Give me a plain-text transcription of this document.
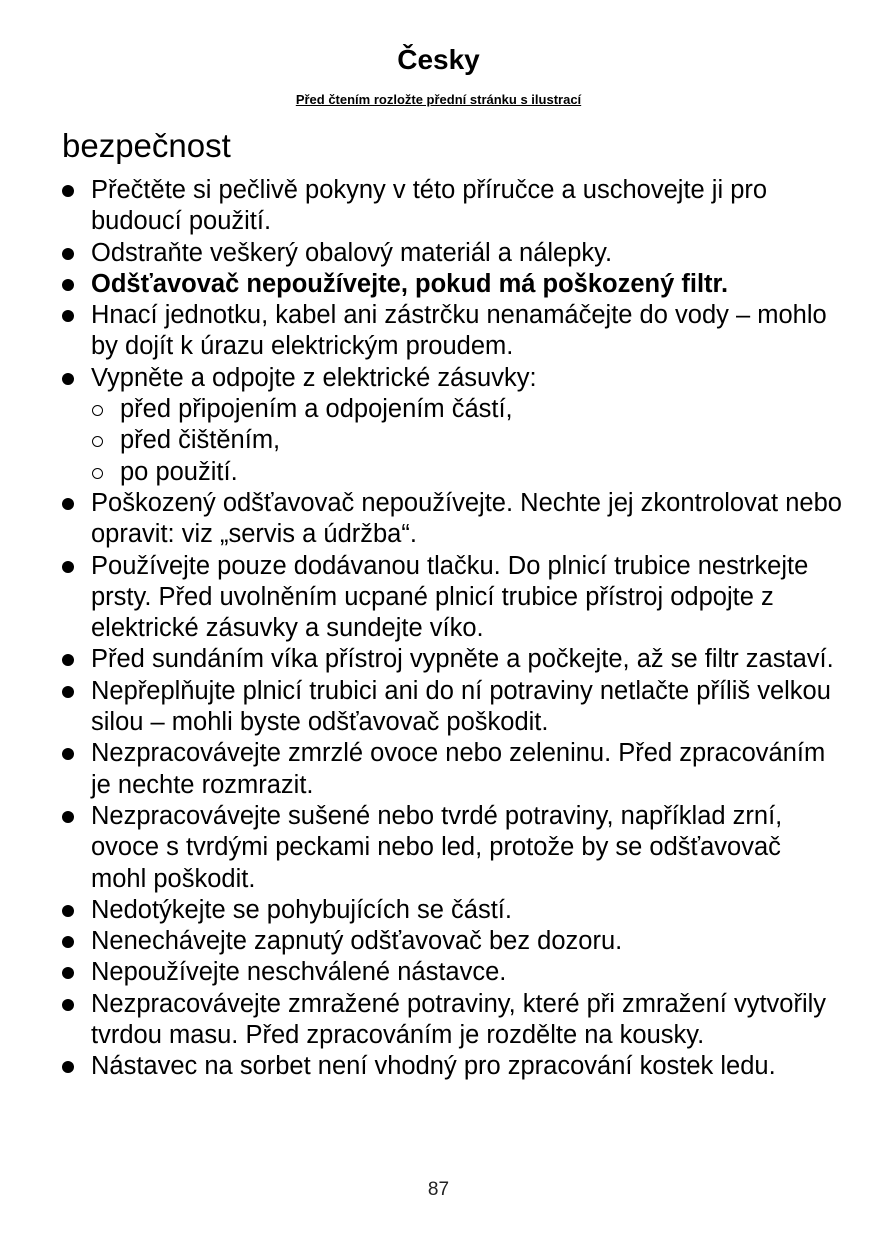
Česky
Před čtením rozložte přední stránku s ilustrací
bezpečnost
Přečtěte si pečlivě pokyny v této příručce a uschovejte ji pro budoucí použití.
Odstraňte veškerý obalový materiál a nálepky.
Odšťavovač nepoužívejte, pokud má poškozený filtr.
Hnací jednotku, kabel ani zástrčku nenamáčejte do vody – mohlo by dojít k úrazu elektrickým proudem.
Vypněte a odpojte z elektrické zásuvky:
před připojením a odpojením částí,
před čištěním,
po použití.
Poškozený odšťavovač nepoužívejte. Nechte jej zkontrolovat nebo opravit: viz „servis a údržba“.
Používejte pouze dodávanou tlačku. Do plnicí trubice nestrkejte prsty. Před uvolněním ucpané plnicí trubice přístroj odpojte z elektrické zásuvky a sundejte víko.
Před sundáním víka přístroj vypněte a počkejte, až se filtr zastaví.
Nepřeplňujte plnicí trubici ani do ní potraviny netlačte příliš velkou silou – mohli byste odšťavovač poškodit.
Nezpracovávejte zmrzlé ovoce nebo zeleninu. Před zpracováním je nechte rozmrazit.
Nezpracovávejte sušené nebo tvrdé potraviny, například zrní, ovoce s tvrdými peckami nebo led, protože by se odšťavovač mohl poškodit.
Nedotýkejte se pohybujících se částí.
Nenechávejte zapnutý odšťavovač bez dozoru.
Nepoužívejte neschválené nástavce.
Nezpracovávejte zmražené potraviny, které při zmražení vytvořily tvrdou masu. Před zpracováním je rozdělte na kousky.
Nástavec na sorbet není vhodný pro zpracování kostek ledu.
87
